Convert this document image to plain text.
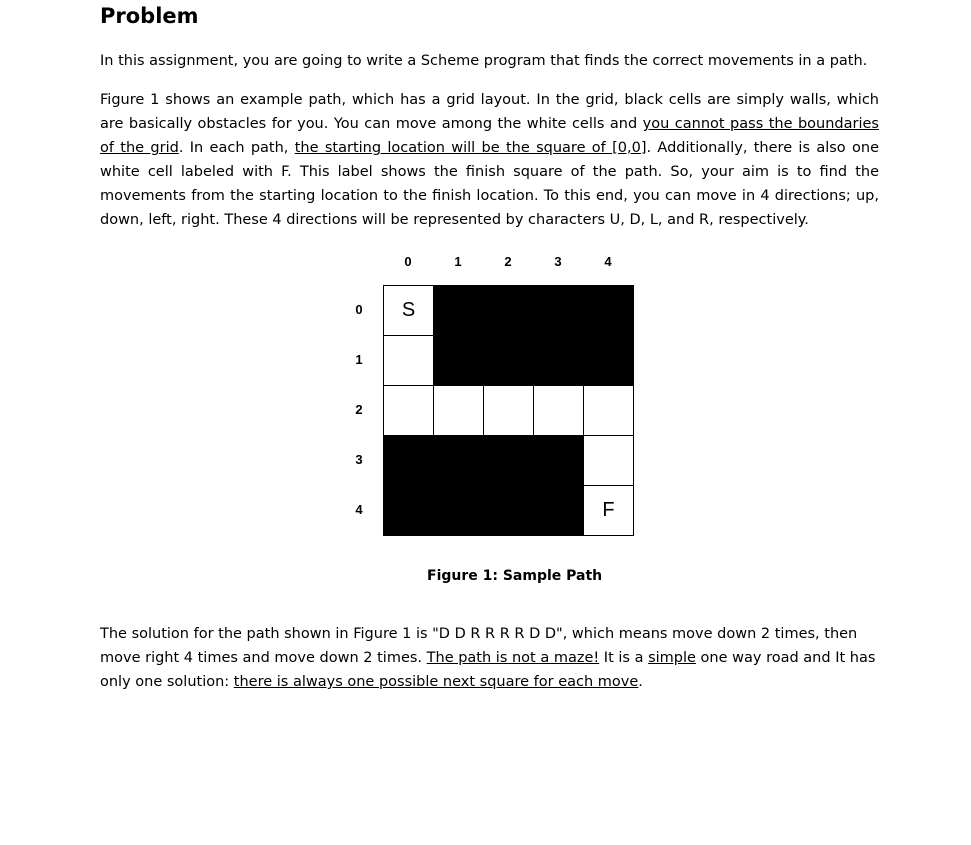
Problem

In this assignment, you are going to write a Scheme program that finds the correct movements in a path.

Figure 1 shows an example path, which has a grid layout. In the grid, black cells are simply walls, which are basically obstacles for you. You can move among the white cells and you cannot pass the boundaries of the grid. In each path, the starting location will be the square of [0,0]. Additionally, there is also one white cell labeled with F. This label shows the finish square of the path. So, your aim is to find the movements from the starting location to the finish location. To this end, you can move in 4 directions; up, down, left, right. These 4 directions will be represented by characters U, D, L, and R, respectively.

0	1	2	3	4
0
1
2
3
4
S
F

Figure 1: Sample Path

The solution for the path shown in Figure 1 is "D D R R R R D D", which means move down 2 times, then move right 4 times and move down 2 times. The path is not a maze! It is a simple one way road and It has only one solution: there is always one possible next square for each move.
